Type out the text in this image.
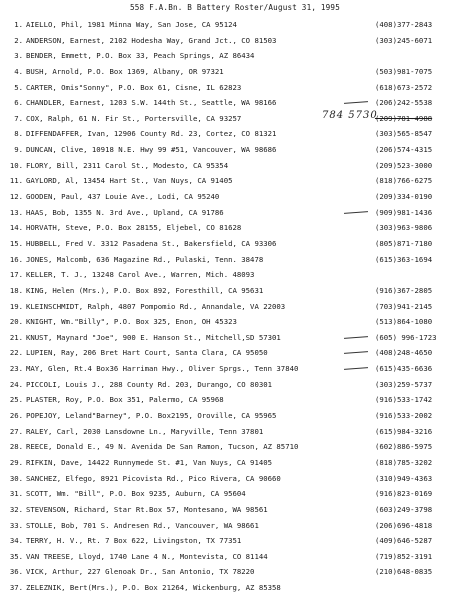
558 F.A.Bn. B Battery Roster/August 31, 1995
1. AIELLO, Phil, 1981 Minna Way, San Jose, CA 95124	(408)377-2843
2. ANDERSON, Earnest, 2102 Hodesha Way, Grand Jct., CO 81503	(303)245-6071
3. BENDER, Emmett, P.O. Box 33, Peach Springs, AZ 86434
4. BUSH, Arnold, P.O. Box 1369, Albany, OR 97321	(503)981-7075
5. CARTER, Omis"Sonny", P.O. Box 61, Cisne, IL 62823	(618)673-2572
6. CHANDLER, Earnest, 1203 S.W. 144th St., Seattle, WA 98166	(206)242-5538
7. COX, Ralph, 61 N. Fir St., Portersville, CA 93257	(209)781-4988
784 5730
8. DIFFENDAFFER, Ivan, 12906 County Rd. 23, Cortez, CO 81321	(303)565-8547
9. DUNCAN, Clive, 10918 N.E. Hwy 99 #51, Vancouver, WA 98686	(206)574-4315
10. FLORY, Bill, 2311 Carol St., Modesto, CA 95354	(209)523-3000
11. GAYLORD, Al, 13454 Hart St., Van Nuys, CA 91405	(818)766-6275
12. GOODEN, Paul, 437 Louie Ave., Lodi, CA 95240	(209)334-0190
13. HAAS, Bob, 1355 N. 3rd Ave., Upland, CA 91786	(909)981-1436
14. HORVATH, Steve, P.O. Box 28155, Eljebel, CO 81628	(303)963-9806
15. HUBBELL, Fred V. 3312 Pasadena St., Bakersfield, CA 93306	(805)871-7180
16. JONES, Malcomb, 636 Magazine Rd., Pulaski, Tenn. 38478	(615)363-1694
17. KELLER, T. J., 13248 Carol Ave., Warren, Mich. 48093
18. KING, Helen (Mrs.), P.O. Box 892, Foresthill, CA 95631	(916)367-2805
19. KLEINSCHMIDT, Ralph, 4807 Pompomio Rd., Annandale, VA 22003	(703)941-2145
20. KNIGHT, Wm."Billy", P.O. Box 325, Enon, OH 45323	(513)864-1080
21. KNUST, Maynard "Joe", 900 E. Hanson St., Mitchell,SD 57301	(605) 996-1723
22. LUPIEN, Ray, 206 Bret Hart Court, Santa Clara, CA 95050	(408)248-4650
23. MAY, Glen, Rt.4 Box36 Harriman Hwy., Oliver Sprgs., Tenn 37840	(615)435-6636
24. PICCOLI, Louis J., 288 County Rd. 203, Durango, CO 80301	(303)259-5737
25. PLASTER, Roy, P.O. Box 351, Palermo, CA 95968	(916)533-1742
26. POPEJOY, Leland"Barney", P.O. Box2195, Oroville, CA 95965	(916)533-2002
27. RALEY, Carl, 2030 Lansdowne Ln., Maryville, Tenn 37801	(615)984-3216
28. REECE, Donald E., 49 N. Avenida De San Ramon, Tucson, AZ 85710	(602)886-5975
29. RIFKIN, Dave, 14422 Runnymede St. #1, Van Nuys, CA 91405	(818)785-3202
30. SANCHEZ, Elfego, 8921 Picovista Rd., Pico Rivera, CA 90660	(310)949-4363
31. SCOTT, Wm. "Bill", P.O. Box 9235, Auburn, CA 95604	(916)823-0169
32. STEVENSON, Richard, Star Rt.Box 57, Montesano, WA 98561	(603)249-3798
33. STOLLE, Bob, 701 S. Andresen Rd., Vancouver, WA 98661	(206)696-4818
34. TERRY, H. V., Rt. 7 Box 622, Livingston, TX 77351	(409)646-5287
35. VAN TREESE, Lloyd, 1740 Lane 4 N., Montevista, CO 81144	(719)852-3191
36. VICK, Arthur, 227 Glenoak Dr., San Antonio, TX 78220	(210)648-0835
37. ZELEZNIK, Bert(Mrs.), P.O. Box 21264, Wickenburg, AZ 85358
